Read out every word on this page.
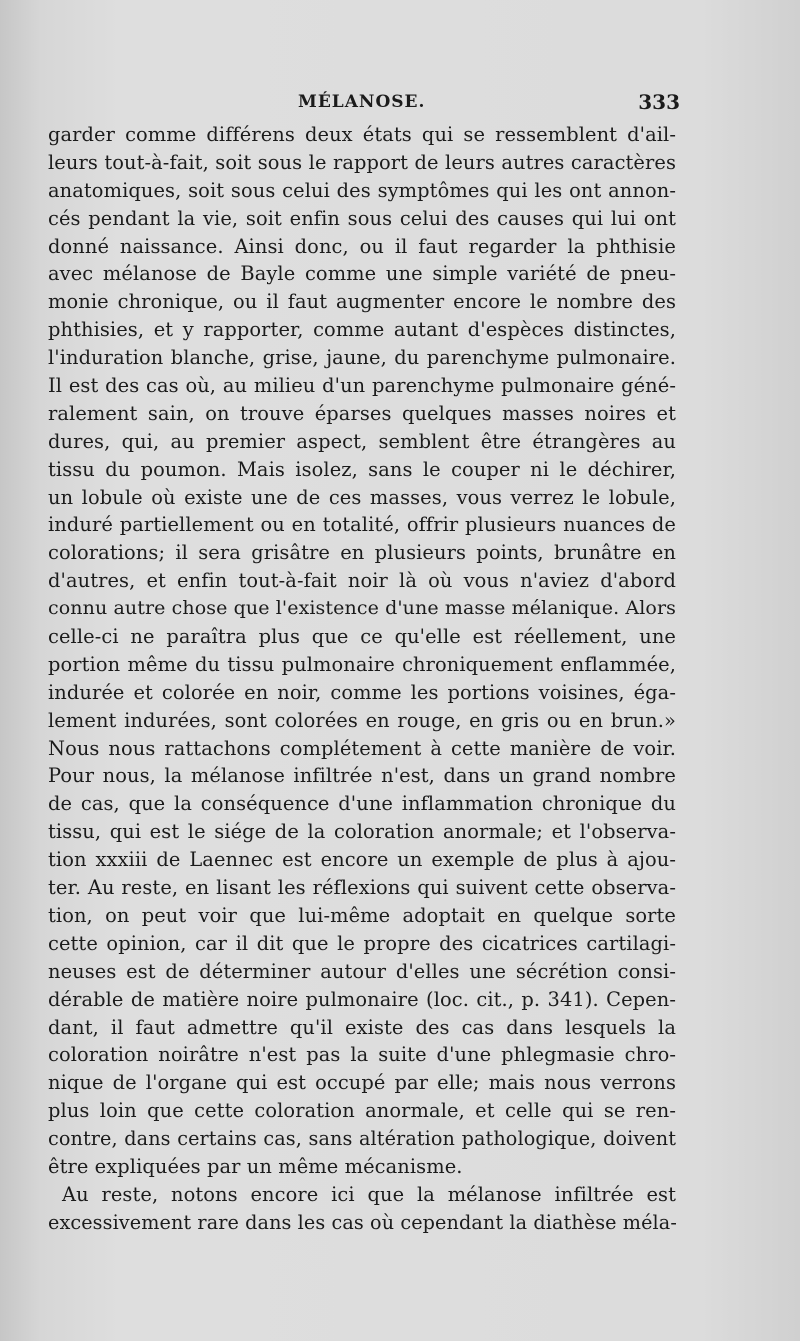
MÉLANOSE.	333
garder comme différens deux états qui se ressemblent d'ail-
leurs tout-à-fait, soit sous le rapport de leurs autres caractères
anatomiques, soit sous celui des symptômes qui les ont annon-
cés pendant la vie, soit enfin sous celui des causes qui lui ont
donné naissance. Ainsi donc, ou il faut regarder la phthisie
avec mélanose de Bayle comme une simple variété de pneu-
monie chronique, ou il faut augmenter encore le nombre des
phthisies, et y rapporter, comme autant d'espèces distinctes,
l'induration blanche, grise, jaune, du parenchyme pulmonaire.
Il est des cas où, au milieu d'un parenchyme pulmonaire géné-
ralement sain, on trouve éparses quelques masses noires et
dures, qui, au premier aspect, semblent être étrangères au
tissu du poumon. Mais isolez, sans le couper ni le déchirer,
un lobule où existe une de ces masses, vous verrez le lobule,
induré partiellement ou en totalité, offrir plusieurs nuances de
colorations; il sera grisâtre en plusieurs points, brunâtre en
d'autres, et enfin tout-à-fait noir là où vous n'aviez d'abord
connu autre chose que l'existence d'une masse mélanique. Alors
celle-ci ne paraîtra plus que ce qu'elle est réellement, une
portion même du tissu pulmonaire chroniquement enflammée,
indurée et colorée en noir, comme les portions voisines, éga-
lement indurées, sont colorées en rouge, en gris ou en brun.»
Nous nous rattachons complétement à cette manière de voir.
Pour nous, la mélanose infiltrée n'est, dans un grand nombre
de cas, que la conséquence d'une inflammation chronique du
tissu, qui est le siége de la coloration anormale; et l'observa-
tion xxxiii de Laennec est encore un exemple de plus à ajou-
ter. Au reste, en lisant les réflexions qui suivent cette observa-
tion, on peut voir que lui-même adoptait en quelque sorte
cette opinion, car il dit que le propre des cicatrices cartilagi-
neuses est de déterminer autour d'elles une sécrétion consi-
dérable de matière noire pulmonaire (loc. cit., p. 341). Cepen-
dant, il faut admettre qu'il existe des cas dans lesquels la
coloration noirâtre n'est pas la suite d'une phlegmasie chro-
nique de l'organe qui est occupé par elle; mais nous verrons
plus loin que cette coloration anormale, et celle qui se ren-
contre, dans certains cas, sans altération pathologique, doivent
être expliquées par un même mécanisme.
Au reste, notons encore ici que la mélanose infiltrée est
excessivement rare dans les cas où cependant la diathèse méla-
